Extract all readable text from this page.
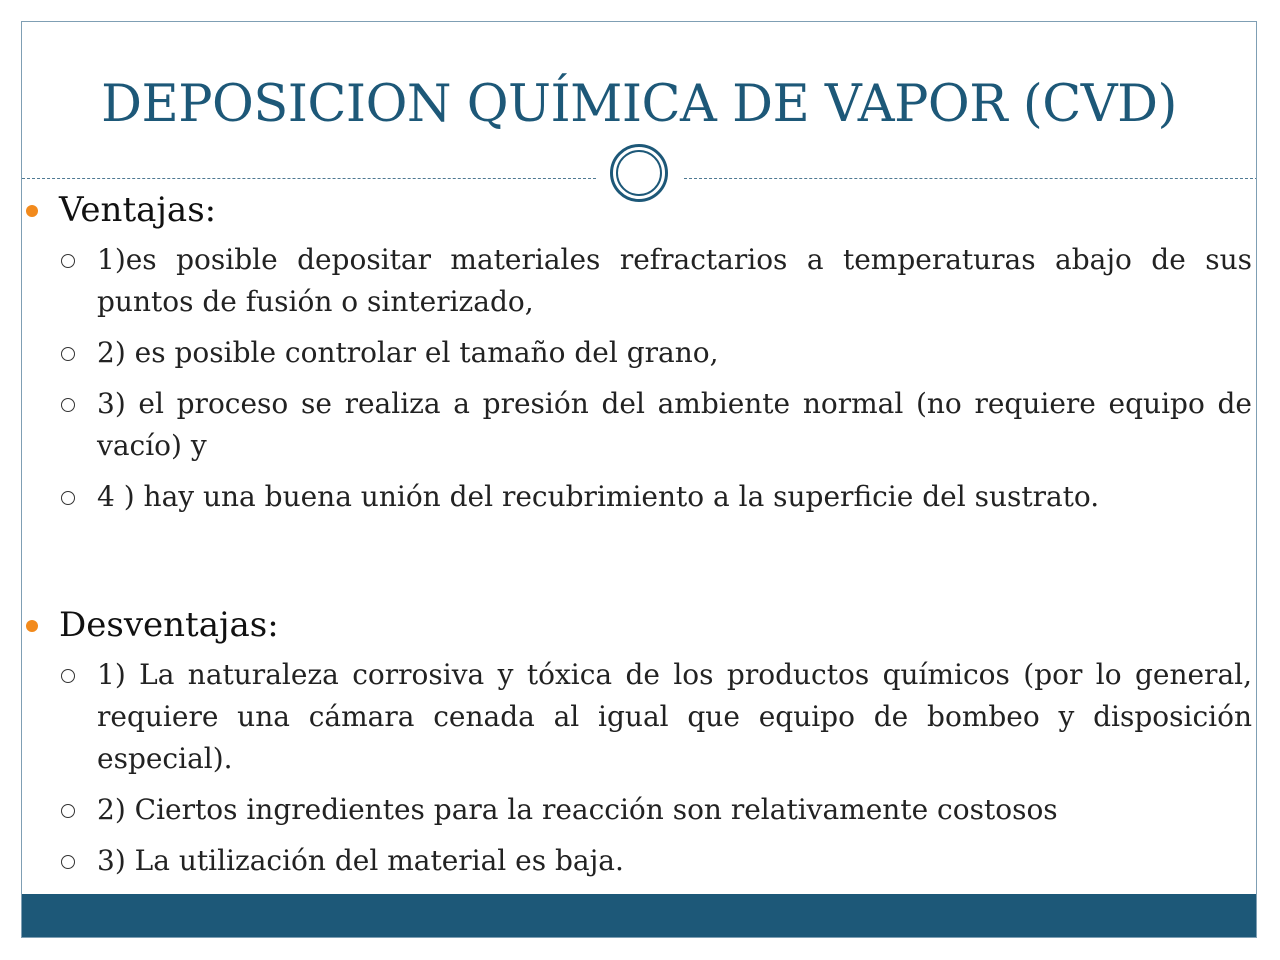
DEPOSICION QUÍMICA DE VAPOR (CVD)
Ventajas:
1)es posible depositar materiales refractarios a temperaturas abajo de sus puntos de fusión o sinterizado,
2) es posible controlar el tamaño del grano,
3) el proceso se realiza a presión del ambiente normal (no requiere equipo de vacío) y
4 ) hay una buena unión del recubrimiento a la superficie del sustrato.
Desventajas:
1) La naturaleza corrosiva y tóxica de los productos químicos (por lo general, requiere una cámara cenada al igual que equipo de bombeo y disposición especial).
2) Ciertos ingredientes para la reacción son relativamente costosos
3) La utilización del material es baja.
